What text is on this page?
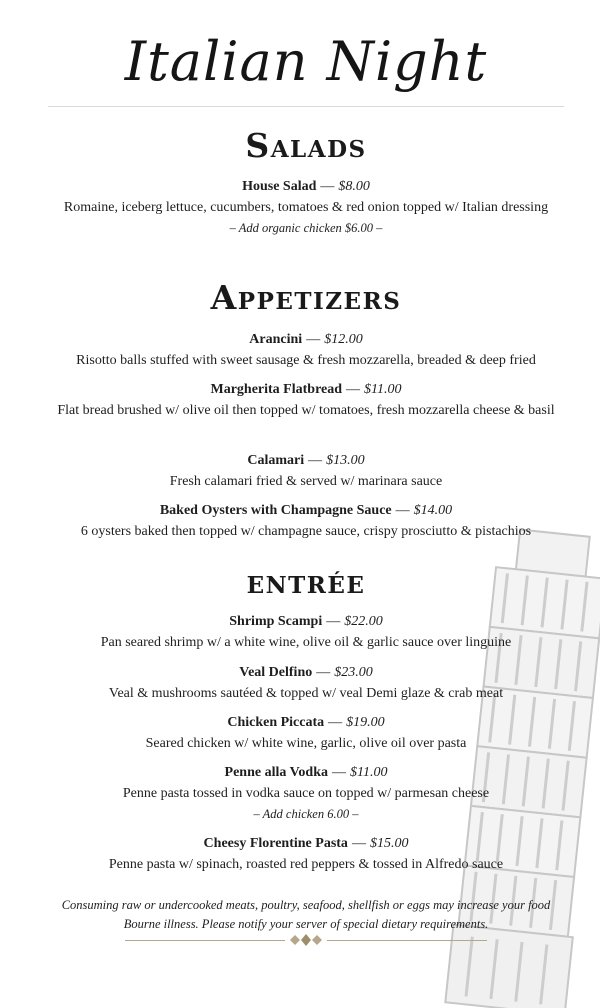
Italian Night
Salads
House Salad — $8.00
Romaine, iceberg lettuce, cucumbers, tomatoes & red onion topped w/ Italian dressing
– Add organic chicken $6.00 –
Appetizers
Arancini — $12.00
Risotto balls stuffed with sweet sausage & fresh mozzarella, breaded & deep fried
Margherita Flatbread — $11.00
Flat bread brushed w/ olive oil then topped w/ tomatoes, fresh mozzarella cheese & basil
Calamari — $13.00
Fresh calamari fried & served w/ marinara sauce
Baked Oysters with Champagne Sauce — $14.00
6 oysters baked then topped w/ champagne sauce, crispy prosciutto & pistachios
entrée
Shrimp Scampi — $22.00
Pan seared shrimp w/ a white wine, olive oil & garlic sauce over linguine
Veal Delfino — $23.00
Veal & mushrooms sautéed & topped w/ veal Demi glaze & crab meat
Chicken Piccata — $19.00
Seared chicken w/ white wine, garlic, olive oil over pasta
Penne alla Vodka — $11.00
Penne pasta tossed in vodka sauce on topped w/ parmesan cheese
– Add chicken 6.00 –
Cheesy Florentine Pasta — $15.00
Penne pasta w/ spinach, roasted red peppers & tossed in Alfredo sauce
Consuming raw or undercooked meats, poultry, seafood, shellfish or eggs may increase your food Bourne illness. Please notify your server of special dietary requirements.
